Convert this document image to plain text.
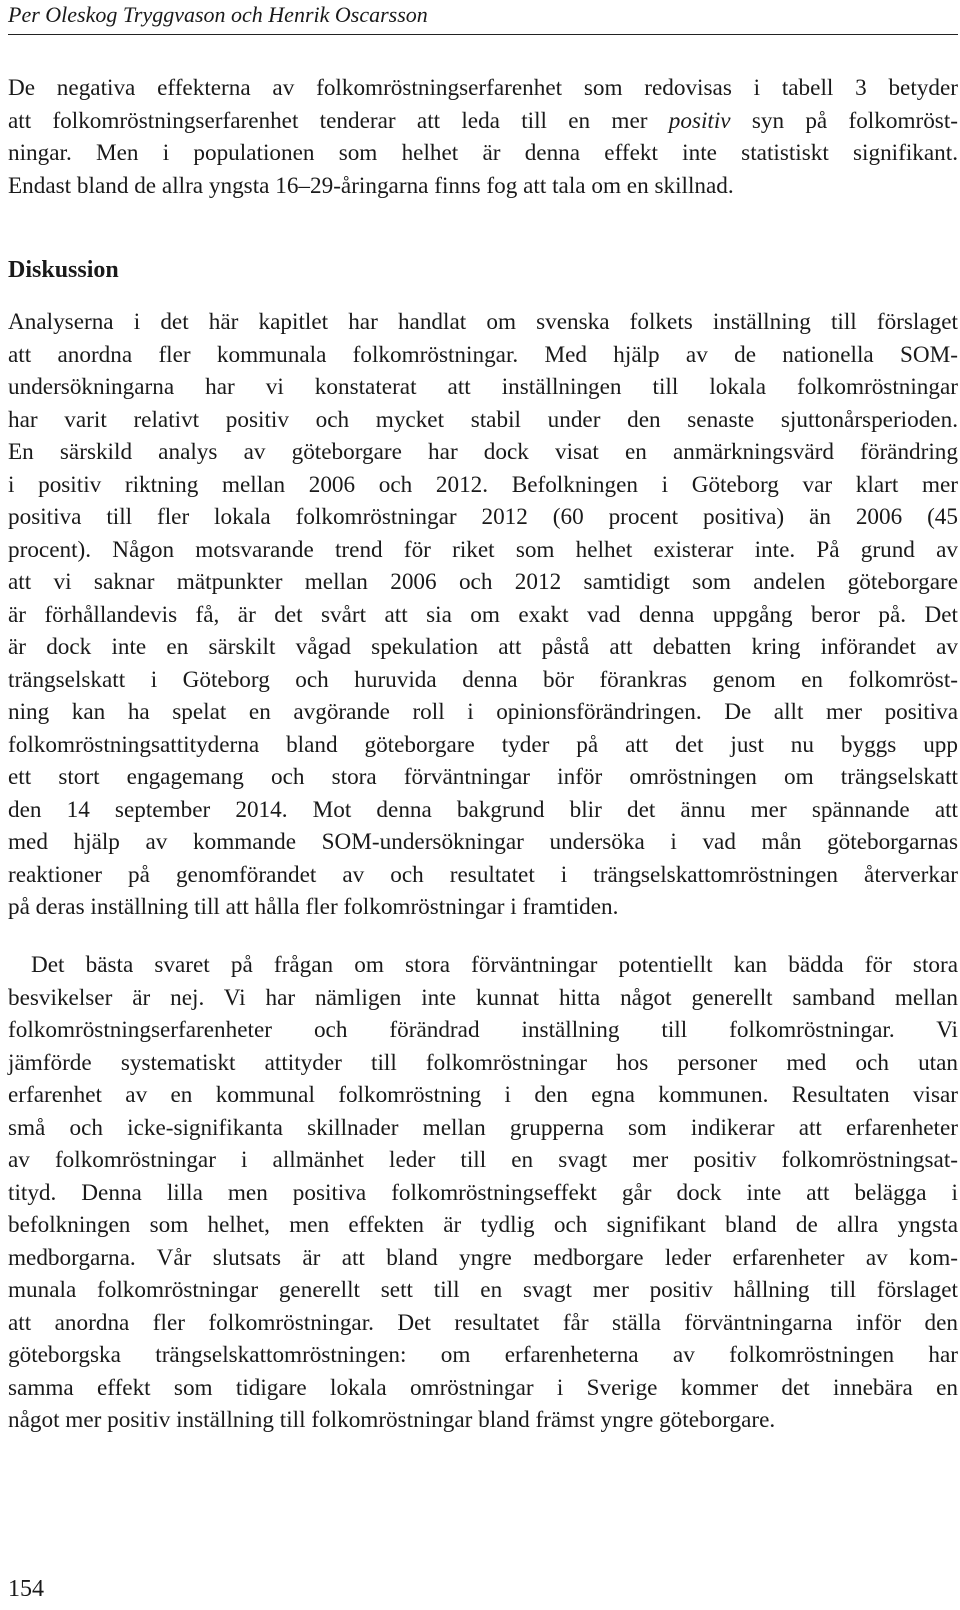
Per Oleskog Tryggvason och Henrik Oscarsson
De negativa effekterna av folkomröstningserfarenhet som redovisas i tabell 3 betyder
att folkomröstningserfarenhet tenderar att leda till en mer positiv syn på folkomröst-
ningar. Men i populationen som helhet är denna effekt inte statistiskt signifikant.
Endast bland de allra yngsta 16–29-åringarna finns fog att tala om en skillnad.
Diskussion
Analyserna i det här kapitlet har handlat om svenska folkets inställning till förslaget
att anordna fler kommunala folkomröstningar. Med hjälp av de nationella SOM-
undersökningarna har vi konstaterat att inställningen till lokala folkomröstningar
har varit relativt positiv och mycket stabil under den senaste sjuttonårsperioden.
En särskild analys av göteborgare har dock visat en anmärkningsvärd förändring
i positiv riktning mellan 2006 och 2012. Befolkningen i Göteborg var klart mer
positiva till fler lokala folkomröstningar 2012 (60 procent positiva) än 2006 (45
procent). Någon motsvarande trend för riket som helhet existerar inte. På grund av
att vi saknar mätpunkter mellan 2006 och 2012 samtidigt som andelen göteborgare
är förhållandevis få, är det svårt att sia om exakt vad denna uppgång beror på. Det
är dock inte en särskilt vågad spekulation att påstå att debatten kring införandet av
trängselskatt i Göteborg och huruvida denna bör förankras genom en folkomröst-
ning kan ha spelat en avgörande roll i opinionsförändringen. De allt mer positiva
folkomröstningsattityderna bland göteborgare tyder på att det just nu byggs upp
ett stort engagemang och stora förväntningar inför omröstningen om trängselskatt
den 14 september 2014. Mot denna bakgrund blir det ännu mer spännande att
med hjälp av kommande SOM-undersökningar undersöka i vad mån göteborgarnas
reaktioner på genomförandet av och resultatet i trängselskattomröstningen återverkar
på deras inställning till att hålla fler folkomröstningar i framtiden.
Det bästa svaret på frågan om stora förväntningar potentiellt kan bädda för stora
besvikelser är nej. Vi har nämligen inte kunnat hitta något generellt samband mellan
folkomröstningserfarenheter och förändrad inställning till folkomröstningar. Vi
jämförde systematiskt attityder till folkomröstningar hos personer med och utan
erfarenhet av en kommunal folkomröstning i den egna kommunen. Resultaten visar
små och icke-signifikanta skillnader mellan grupperna som indikerar att erfarenheter
av folkomröstningar i allmänhet leder till en svagt mer positiv folkomröstningsat-
tityd. Denna lilla men positiva folkomröstningseffekt går dock inte att belägga i
befolkningen som helhet, men effekten är tydlig och signifikant bland de allra yngsta
medborgarna. Vår slutsats är att bland yngre medborgare leder erfarenheter av kom-
munala folkomröstningar generellt sett till en svagt mer positiv hållning till förslaget
att anordna fler folkomröstningar. Det resultatet får ställa förväntningarna inför den
göteborgska trängselskattomröstningen: om erfarenheterna av folkomröstningen har
samma effekt som tidigare lokala omröstningar i Sverige kommer det innebära en
något mer positiv inställning till folkomröstningar bland främst yngre göteborgare.
154
